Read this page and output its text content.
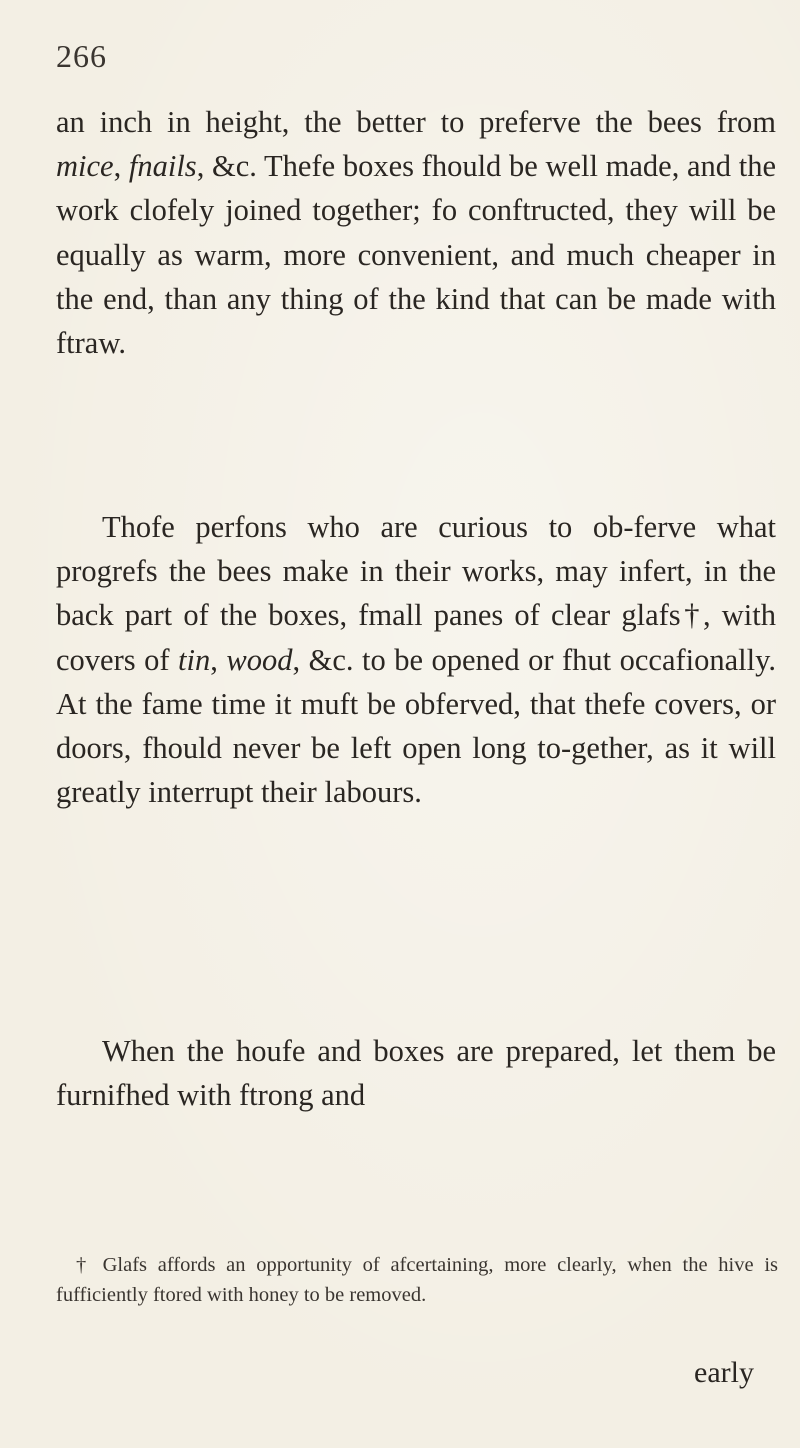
266

an inch in height, the better to preferve the bees from mice, fnails, &c. Thefe boxes fhould be well made, and the work clofely joined together; fo conftructed, they will be equally as warm, more convenient, and much cheaper in the end, than any thing of the kind that can be made with ftraw.

Thofe perfons who are curious to ob-ferve what progrefs the bees make in their works, may infert, in the back part of the boxes, fmall panes of clear glafs†, with covers of tin, wood, &c. to be opened or fhut occafionally. At the fame time it muft be obferved, that thefe covers, or doors, fhould never be left open long to-gether, as it will greatly interrupt their labours.

When the houfe and boxes are prepared, let them be furnifhed with ftrong and

† Glafs affords an opportunity of afcertaining, more clearly, when the hive is fufficiently ftored with honey to be removed.

early
